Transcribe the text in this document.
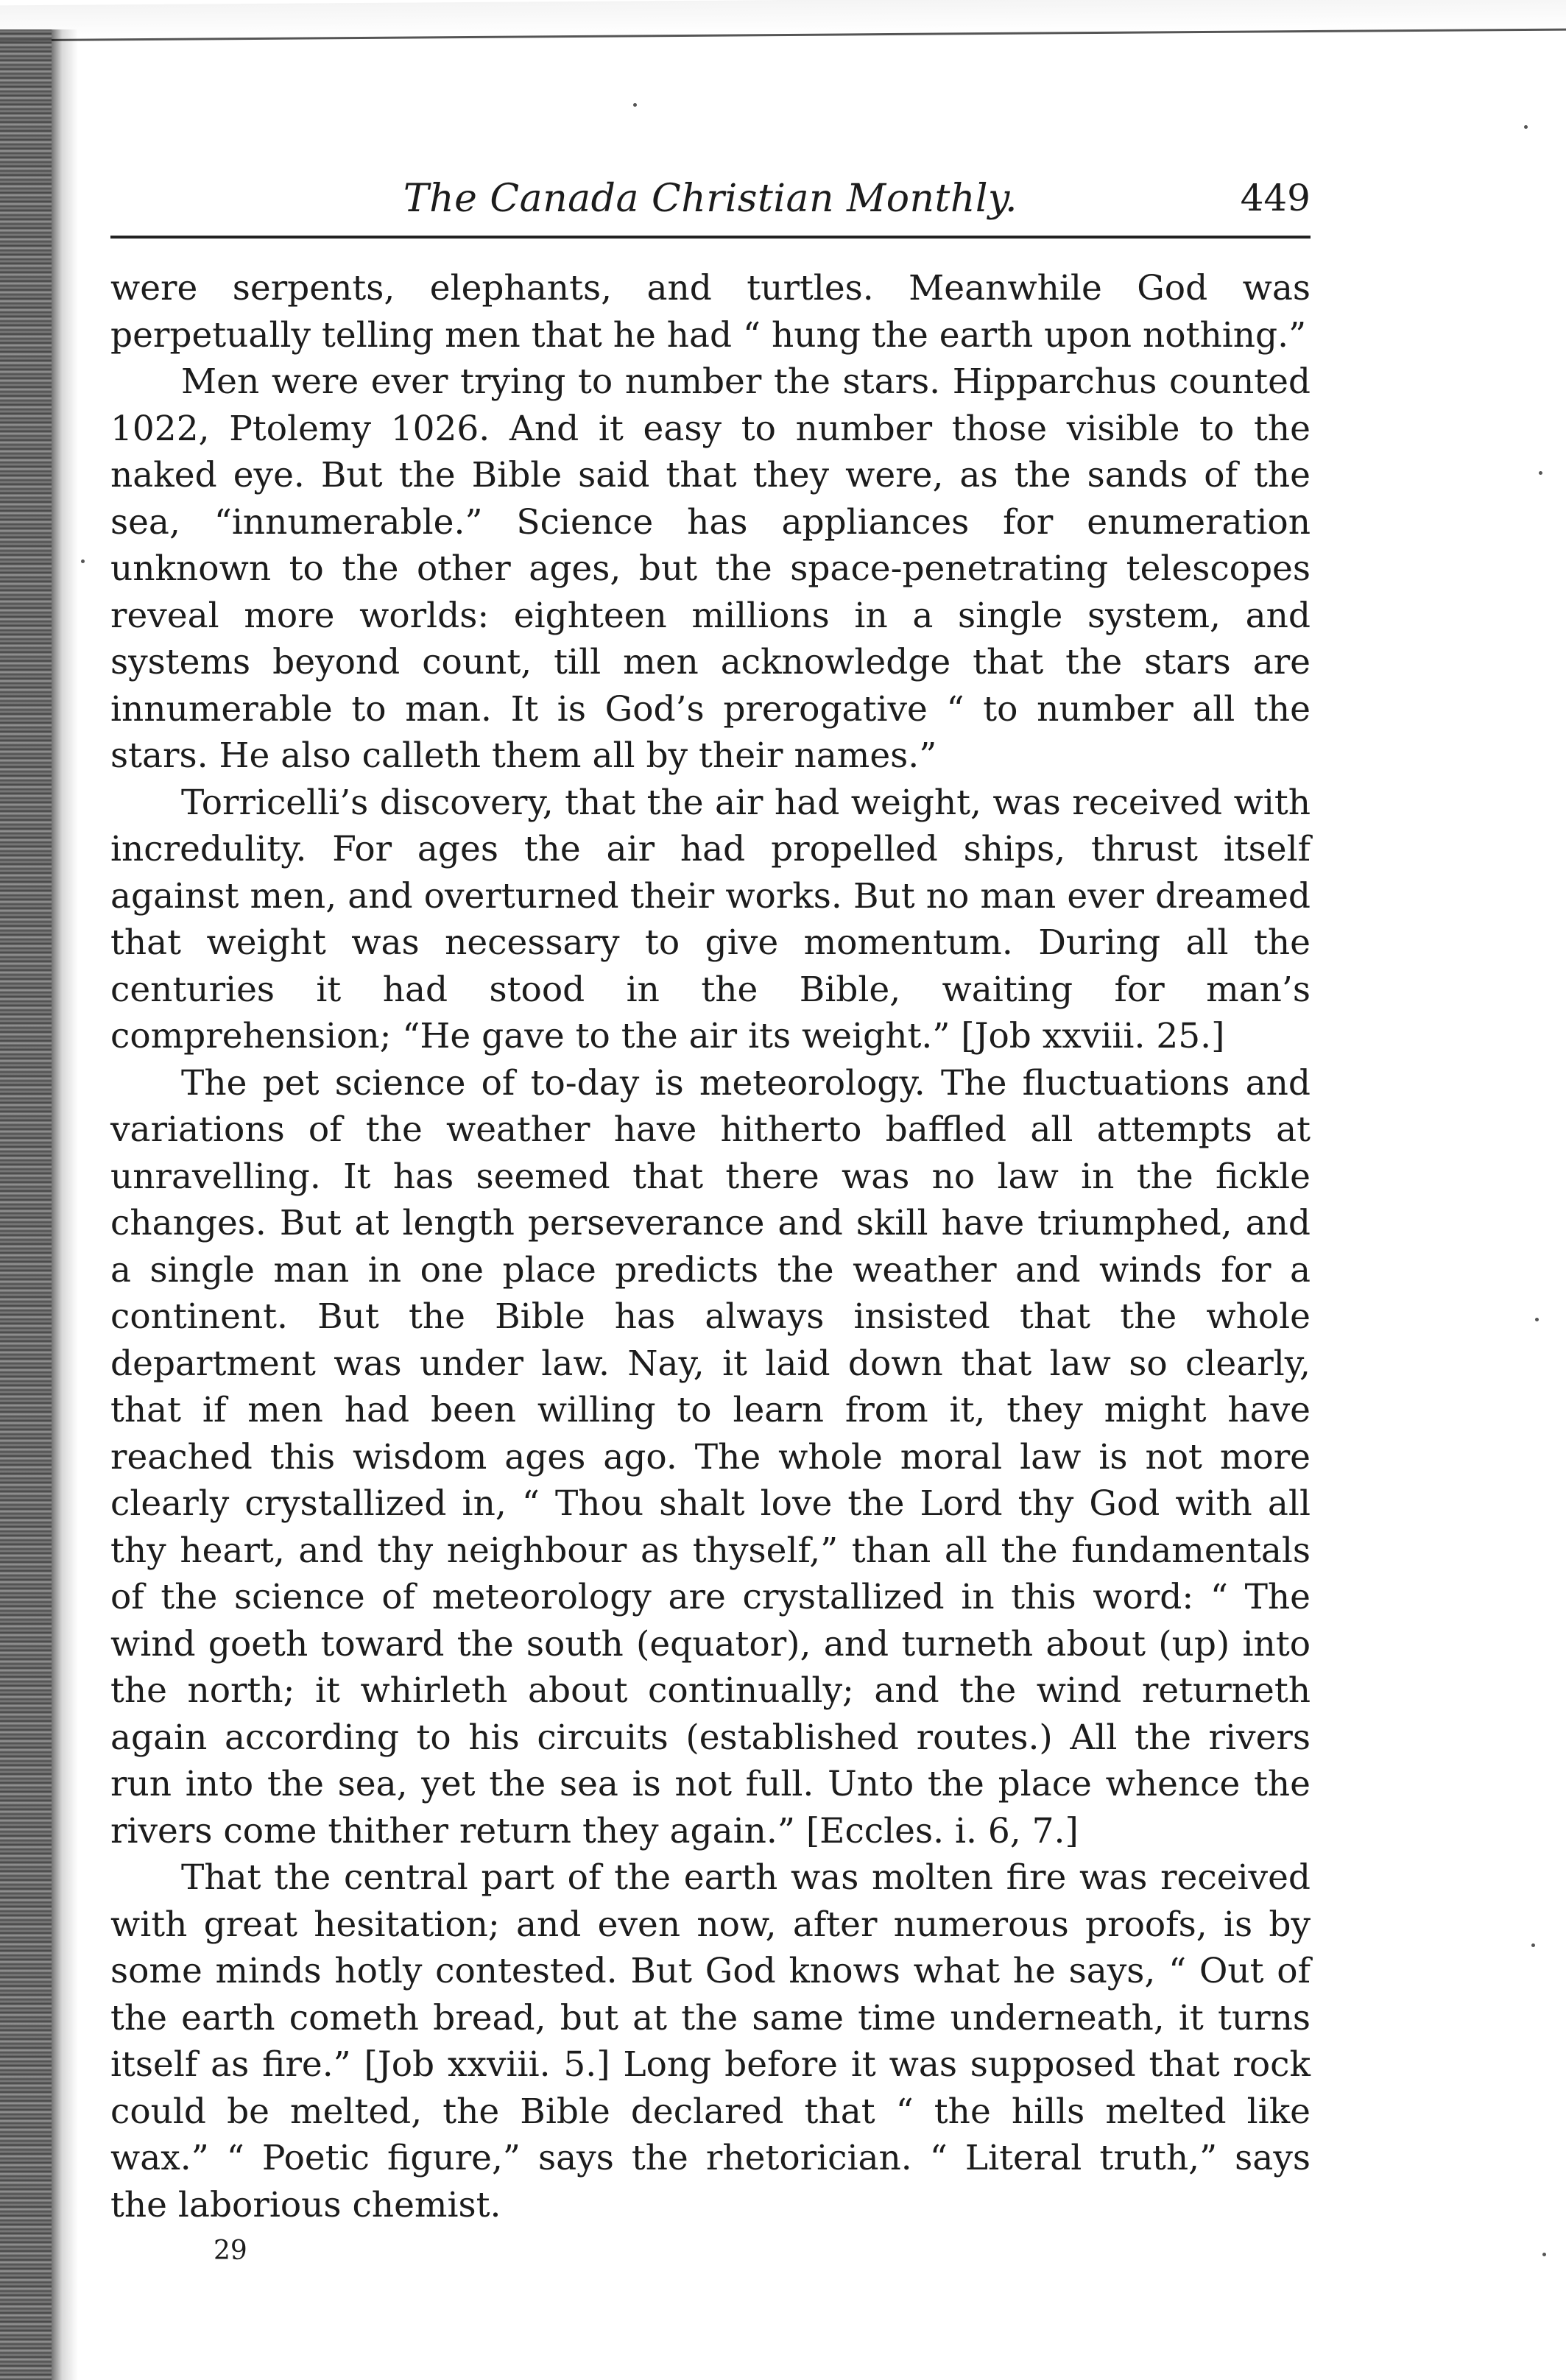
The Canada Christian Monthly.	449

were serpents, elephants, and turtles. Meanwhile God was perpetually telling men that he had “ hung the earth upon nothing.”

Men were ever trying to number the stars. Hipparchus counted 1022, Ptolemy 1026. And it easy to number those visible to the naked eye. But the Bible said that they were, as the sands of the sea, “innumerable.” Science has appliances for enumeration unknown to the other ages, but the space-penetrating telescopes reveal more worlds: eighteen millions in a single system, and systems beyond count, till men acknowledge that the stars are innumerable to man. It is God’s prerogative “ to number all the stars. He also calleth them all by their names.”

Torricelli’s discovery, that the air had weight, was received with incredulity. For ages the air had propelled ships, thrust itself against men, and overturned their works. But no man ever dreamed that weight was necessary to give momentum. During all the centuries it had stood in the Bible, waiting for man’s comprehension; “He gave to the air its weight.” [Job xxviii. 25.]

The pet science of to-day is meteorology. The fluctuations and variations of the weather have hitherto baffled all attempts at unravelling. It has seemed that there was no law in the fickle changes. But at length perseverance and skill have triumphed, and a single man in one place predicts the weather and winds for a continent. But the Bible has always insisted that the whole department was under law. Nay, it laid down that law so clearly, that if men had been willing to learn from it, they might have reached this wisdom ages ago. The whole moral law is not more clearly crystallized in, “ Thou shalt love the Lord thy God with all thy heart, and thy neighbour as thyself,” than all the fundamentals of the science of meteorology are crystallized in this word: “ The wind goeth toward the south (equator), and turneth about (up) into the north; it whirleth about continually; and the wind returneth again according to his circuits (established routes.) All the rivers run into the sea, yet the sea is not full. Unto the place whence the rivers come thither return they again.” [Eccles. i. 6, 7.]

That the central part of the earth was molten fire was received with great hesitation; and even now, after numerous proofs, is by some minds hotly contested. But God knows what he says, “ Out of the earth cometh bread, but at the same time underneath, it turns itself as fire.” [Job xxviii. 5.] Long before it was supposed that rock could be melted, the Bible declared that “ the hills melted like wax.” “ Poetic figure,” says the rhetorician. “ Literal truth,” says the laborious chemist.

29
